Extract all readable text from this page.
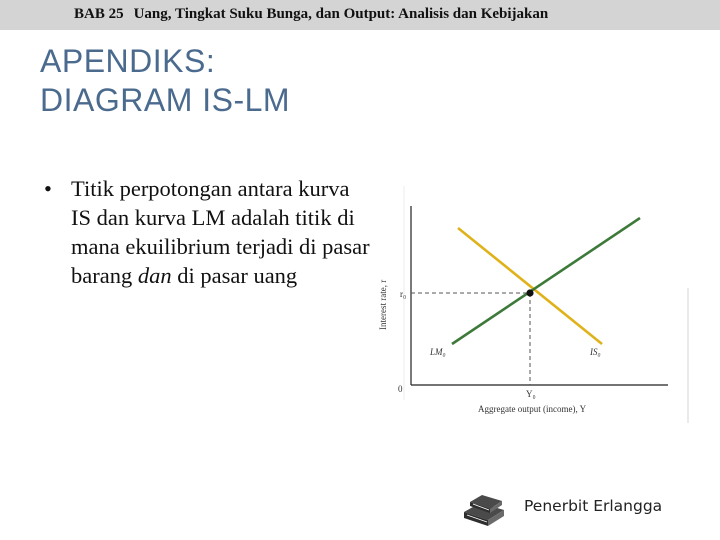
BAB 25 Uang, Tingkat Suku Bunga, dan Output: Analisis dan Kebijakan
APENDIKS:
DIAGRAM IS-LM
• Titik perpotongan antara kurva IS dan kurva LM adalah titik di mana ekuilibrium terjadi di pasar barang dan di pasar uang
r₀
0	Y₀
LM₀	IS₀
Aggregate output (income), Y
Interest rate, r
Penerbit Erlangga
